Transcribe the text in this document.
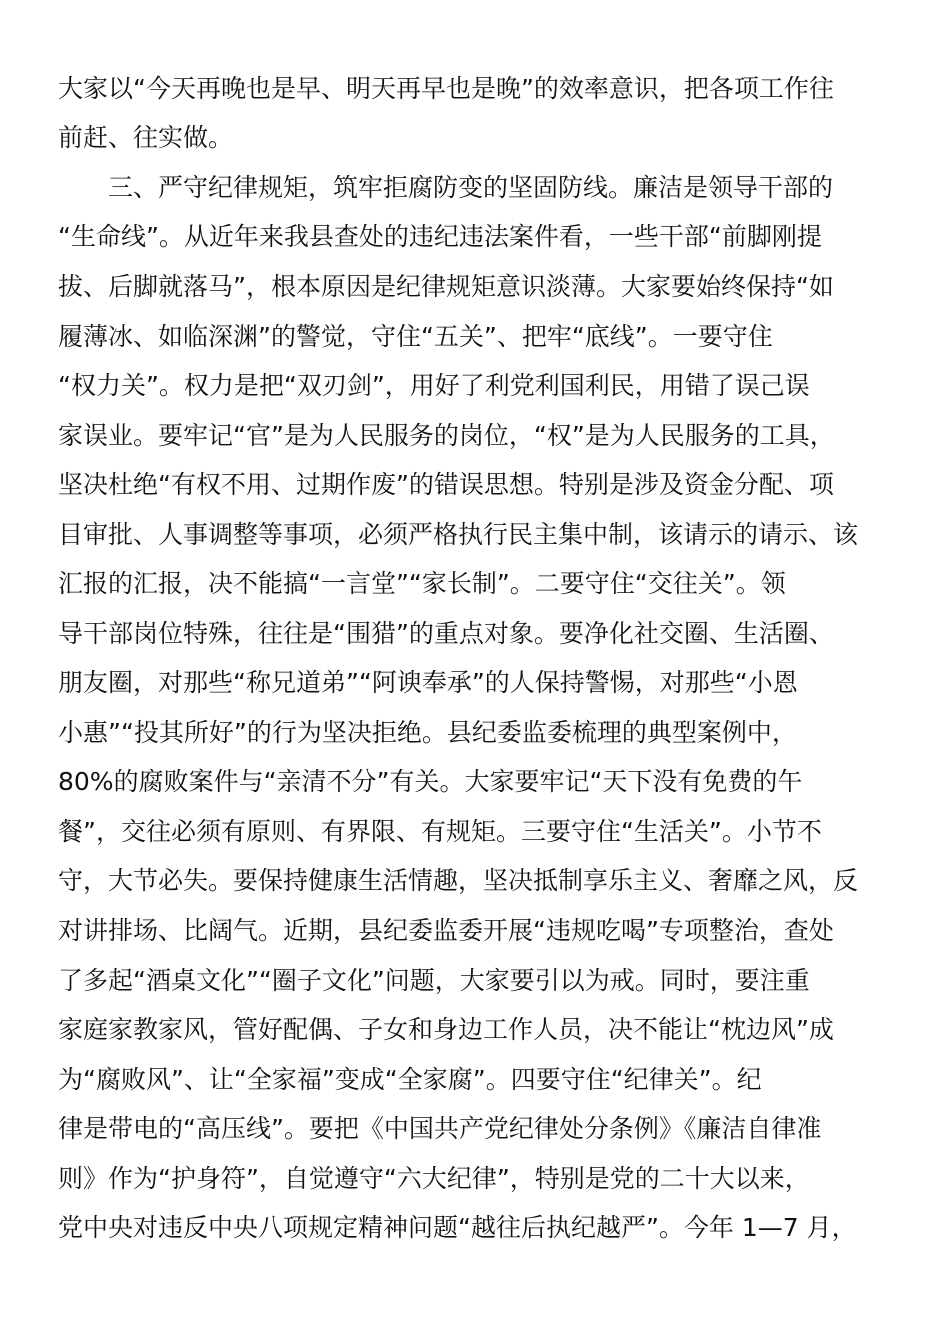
大家以“今天再晚也是早、明天再早也是晚”的效率意识，把各项工作往
前赶、往实做。
三、严守纪律规矩，筑牢拒腐防变的坚固防线。廉洁是领导干部的
“生命线”。从近年来我县查处的违纪违法案件看，一些干部“前脚刚提
拔、后脚就落马”，根本原因是纪律规矩意识淡薄。大家要始终保持“如
履薄冰、如临深渊”的警觉，守住“五关”、把牢“底线”。一要守住
“权力关”。权力是把“双刃剑”，用好了利党利国利民，用错了误己误
家误业。要牢记“官”是为人民服务的岗位，“权”是为人民服务的工具，
坚决杜绝“有权不用、过期作废”的错误思想。特别是涉及资金分配、项
目审批、人事调整等事项，必须严格执行民主集中制，该请示的请示、该
汇报的汇报，决不能搞“一言堂”“家长制”。二要守住“交往关”。领
导干部岗位特殊，往往是“围猎”的重点对象。要净化社交圈、生活圈、
朋友圈，对那些“称兄道弟”“阿谀奉承”的人保持警惕，对那些“小恩
小惠”“投其所好”的行为坚决拒绝。县纪委监委梳理的典型案例中，
80%的腐败案件与“亲清不分”有关。大家要牢记“天下没有免费的午
餐”，交往必须有原则、有界限、有规矩。三要守住“生活关”。小节不
守，大节必失。要保持健康生活情趣，坚决抵制享乐主义、奢靡之风，反
对讲排场、比阔气。近期，县纪委监委开展“违规吃喝”专项整治，查处
了多起“酒桌文化”“圈子文化”问题，大家要引以为戒。同时，要注重
家庭家教家风，管好配偶、子女和身边工作人员，决不能让“枕边风”成
为“腐败风”、让“全家福”变成“全家腐”。四要守住“纪律关”。纪
律是带电的“高压线”。要把《中国共产党纪律处分条例》《廉洁自律准
则》作为“护身符”，自觉遵守“六大纪律”，特别是党的二十大以来，
党中央对违反中央八项规定精神问题“越往后执纪越严”。今年 1—7 月，
